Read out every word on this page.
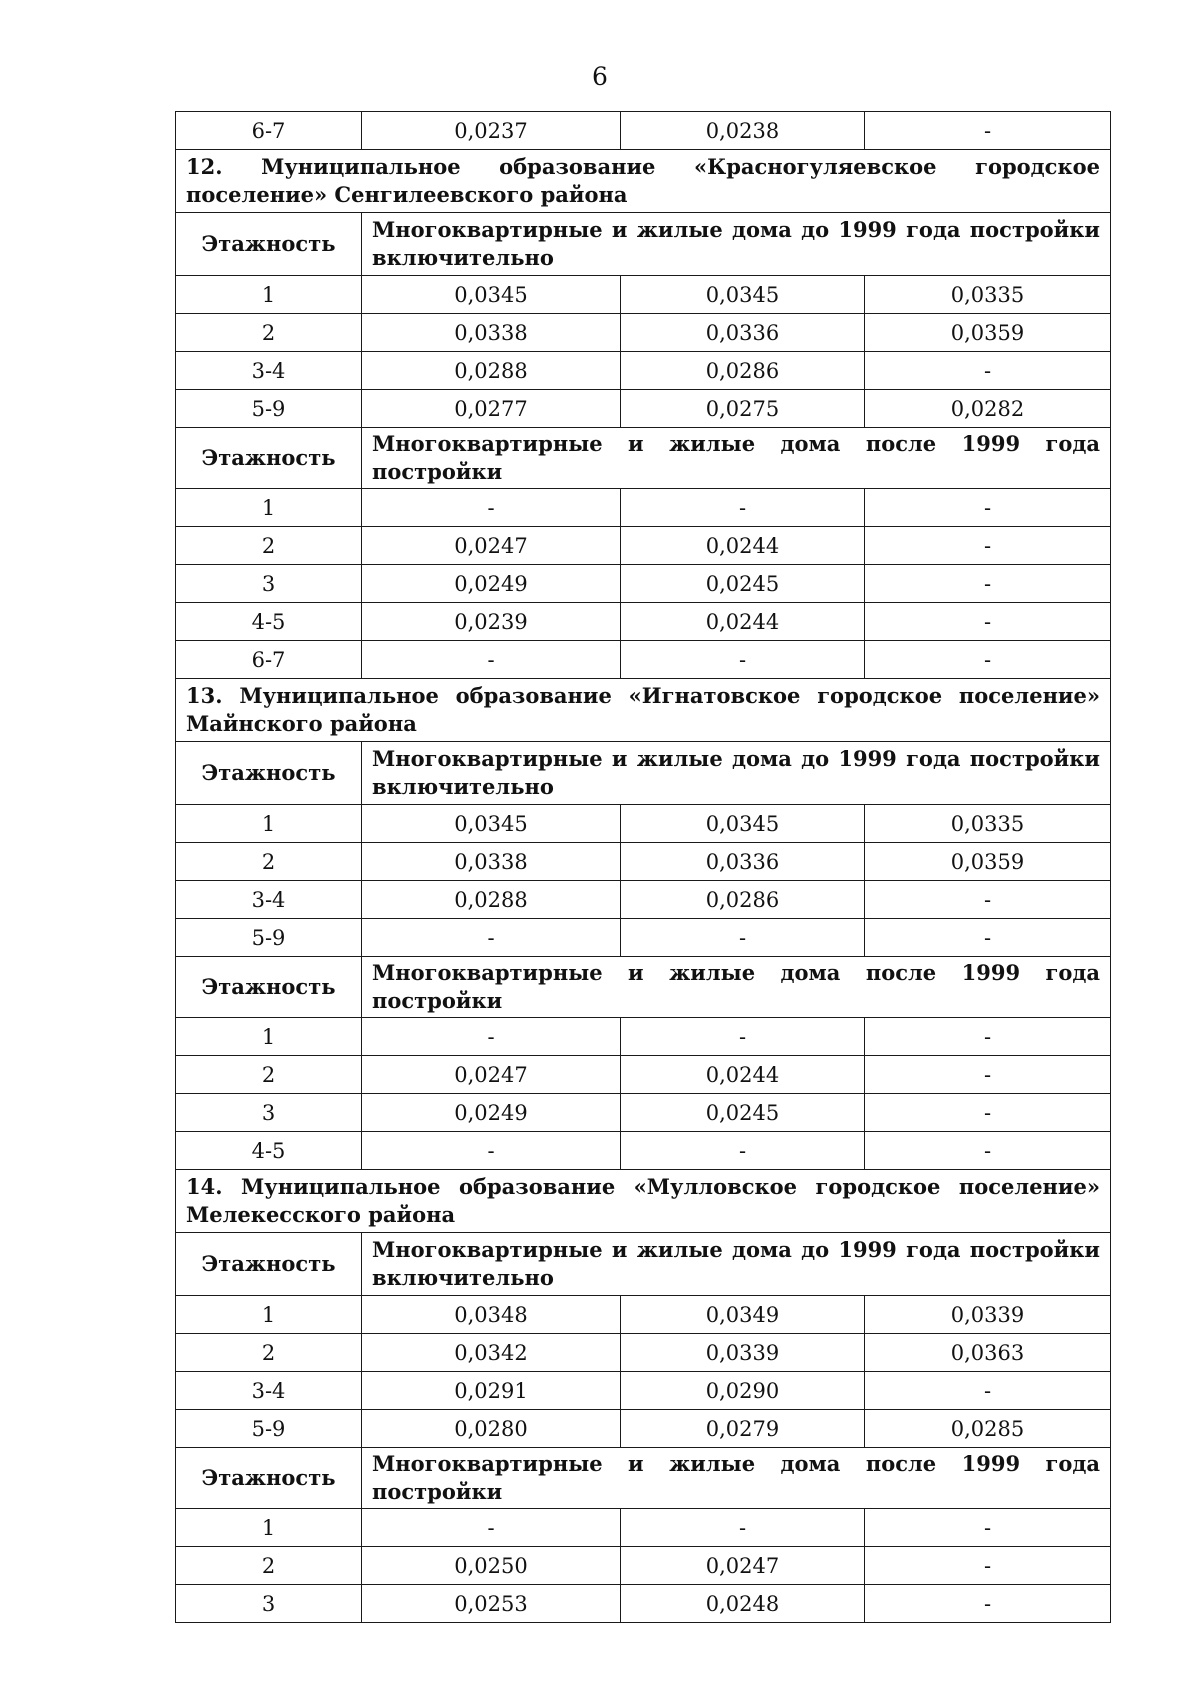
6
6-7	0,0237	0,0238	-
12. Муниципальное образование «Красногуляевское городское поселение» Сенгилеевского района			
Этажность	Многоквартирные и жилые дома до 1999 года постройки включительно		
1	0,0345	0,0345	0,0335
2	0,0338	0,0336	0,0359
3-4	0,0288	0,0286	-
5-9	0,0277	0,0275	0,0282
Этажность	Многоквартирные и жилые дома после 1999 года постройки		
1	-	-	-
2	0,0247	0,0244	-
3	0,0249	0,0245	-
4-5	0,0239	0,0244	-
6-7	-	-	-
13. Муниципальное образование «Игнатовское городское поселение» Майнского района			
Этажность	Многоквартирные и жилые дома до 1999 года постройки включительно		
1	0,0345	0,0345	0,0335
2	0,0338	0,0336	0,0359
3-4	0,0288	0,0286	-
5-9	-	-	-
Этажность	Многоквартирные и жилые дома после 1999 года постройки		
1	-	-	-
2	0,0247	0,0244	-
3	0,0249	0,0245	-
4-5	-	-	-
14. Муниципальное образование «Мулловское городское поселение» Мелекесского района			
Этажность	Многоквартирные и жилые дома до 1999 года постройки включительно		
1	0,0348	0,0349	0,0339
2	0,0342	0,0339	0,0363
3-4	0,0291	0,0290	-
5-9	0,0280	0,0279	0,0285
Этажность	Многоквартирные и жилые дома после 1999 года постройки		
1	-	-	-
2	0,0250	0,0247	-
3	0,0253	0,0248	-
